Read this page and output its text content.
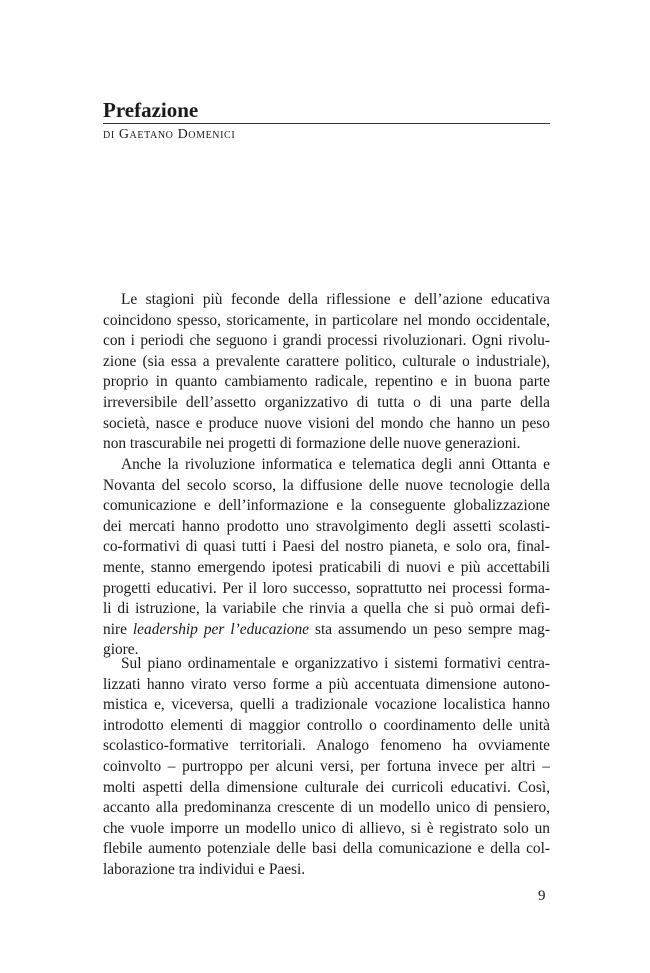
Prefazione
di Gaetano Domenici
Le stagioni più feconde della riflessione e dell’azione educativa
coincidono spesso, storicamente, in particolare nel mondo occidentale,
con i periodi che seguono i grandi processi rivoluzionari. Ogni rivolu-
zione (sia essa a prevalente carattere politico, culturale o industriale),
proprio in quanto cambiamento radicale, repentino e in buona parte
irreversibile dell’assetto organizzativo di tutta o di una parte della
società, nasce e produce nuove visioni del mondo che hanno un peso
non trascurabile nei progetti di formazione delle nuove generazioni.
Anche la rivoluzione informatica e telematica degli anni Ottanta e
Novanta del secolo scorso, la diffusione delle nuove tecnologie della
comunicazione e dell’informazione e la conseguente globalizzazione
dei mercati hanno prodotto uno stravolgimento degli assetti scolasti-
co-formativi di quasi tutti i Paesi del nostro pianeta, e solo ora, final-
mente, stanno emergendo ipotesi praticabili di nuovi e più accettabili
progetti educativi. Per il loro successo, soprattutto nei processi forma-
li di istruzione, la variabile che rinvia a quella che si può ormai defi-
nire leadership per l’educazione sta assumendo un peso sempre mag-
giore.
Sul piano ordinamentale e organizzativo i sistemi formativi centra-
lizzati hanno virato verso forme a più accentuata dimensione autono-
mistica e, viceversa, quelli a tradizionale vocazione localistica hanno
introdotto elementi di maggior controllo o coordinamento delle unità
scolastico-formative territoriali. Analogo fenomeno ha ovviamente
coinvolto – purtroppo per alcuni versi, per fortuna invece per altri –
molti aspetti della dimensione culturale dei curricoli educativi. Così,
accanto alla predominanza crescente di un modello unico di pensiero,
che vuole imporre un modello unico di allievo, si è registrato solo un
flebile aumento potenziale delle basi della comunicazione e della col-
laborazione tra individui e Paesi.
9
